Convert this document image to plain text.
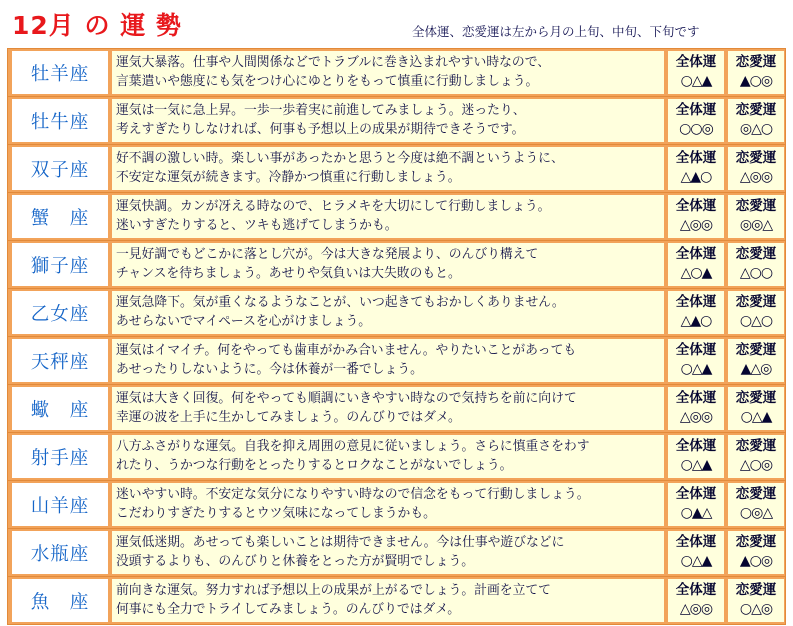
12月 の 運 勢	全体運、恋愛運は左から月の上旬、中旬、下旬です
牡羊座
運気大暴落。仕事や人間関係などでトラブルに巻き込まれやすい時なので、
言葉遣いや態度にも気をつけ心にゆとりをもって慎重に行動しましょう。
全体運
○△▲
恋愛運
▲○◎
牡牛座
運気は一気に急上昇。一歩一歩着実に前進してみましょう。迷ったり、
考えすぎたりしなければ、何事も予想以上の成果が期待できそうです。
全体運
○○◎
恋愛運
◎△○
双子座
好不調の激しい時。楽しい事があったかと思うと今度は絶不調というように、
不安定な運気が続きます。冷静かつ慎重に行動しましょう。
全体運
△▲○
恋愛運
△◎◎
蟹　座
運気快調。カンが冴える時なので、ヒラメキを大切にして行動しましょう。
迷いすぎたりすると、ツキも逃げてしまうかも。
全体運
△◎◎
恋愛運
◎◎△
獅子座
一見好調でもどこかに落とし穴が。今は大きな発展より、のんびり構えて
チャンスを待ちましょう。あせりや気負いは大失敗のもと。
全体運
△○▲
恋愛運
△○○
乙女座
運気急降下。気が重くなるようなことが、いつ起きてもおかしくありません。
あせらないでマイペースを心がけましょう。
全体運
△▲○
恋愛運
○△○
天秤座
運気はイマイチ。何をやっても歯車がかみ合いません。やりたいことがあっても
あせったりしないように。今は休養が一番でしょう。
全体運
○△▲
恋愛運
▲△◎
蠍　座
運気は大きく回復。何をやっても順調にいきやすい時なので気持ちを前に向けて
幸運の波を上手に生かしてみましょう。のんびりではダメ。
全体運
△◎◎
恋愛運
○△▲
射手座
八方ふさがりな運気。自我を抑え周囲の意見に従いましょう。さらに慎重さをわす
れたり、うかつな行動をとったりするとロクなことがないでしょう。
全体運
○△▲
恋愛運
△○◎
山羊座
迷いやすい時。不安定な気分になりやすい時なので信念をもって行動しましょう。
こだわりすぎたりするとウツ気味になってしまうかも。
全体運
○▲△
恋愛運
○◎△
水瓶座
運気低迷期。あせっても楽しいことは期待できません。今は仕事や遊びなどに
没頭するよりも、のんびりと休養をとった方が賢明でしょう。
全体運
○△▲
恋愛運
▲○◎
魚　座
前向きな運気。努力すれば予想以上の成果が上がるでしょう。計画を立てて
何事にも全力でトライしてみましょう。のんびりではダメ。
全体運
△◎◎
恋愛運
○△◎
